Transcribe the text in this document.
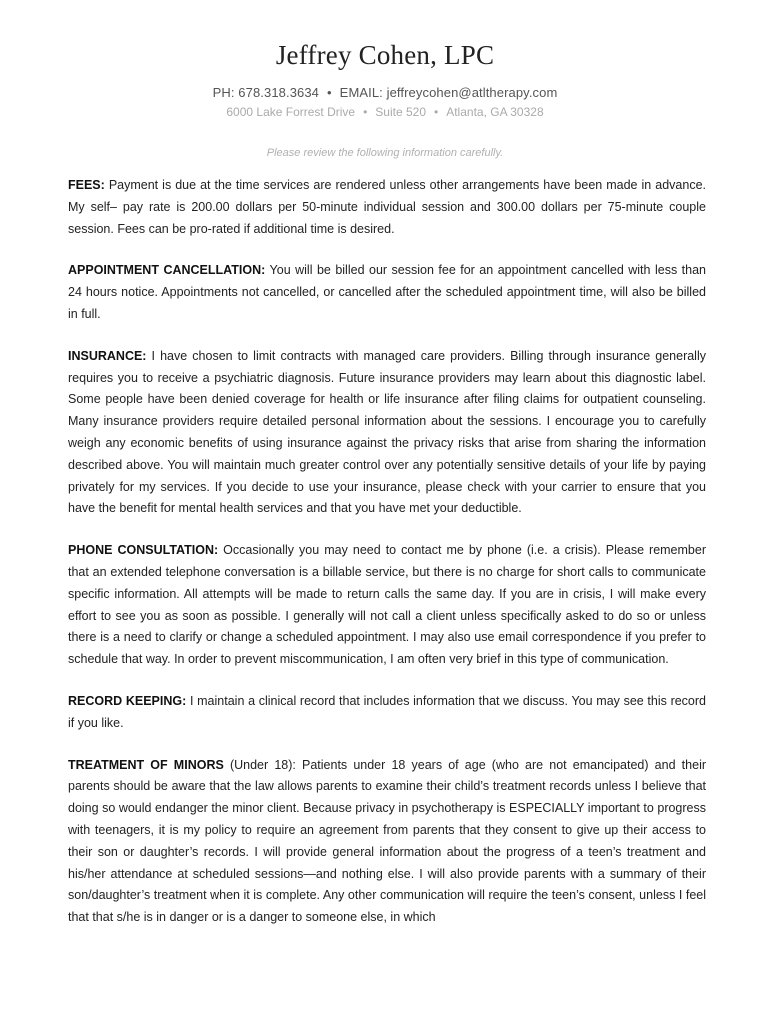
Jeffrey Cohen, LPC
PH: 678.318.3634 • EMAIL: jeffreycohen@atltherapy.com
6000 Lake Forrest Drive • Suite 520 • Atlanta, GA 30328
Please review the following information carefully.

FEES: Payment is due at the time services are rendered unless other arrangements have been made in advance. My self– pay rate is 200.00 dollars per 50-minute individual session and 300.00 dollars per 75-minute couple session. Fees can be pro-rated if additional time is desired.

APPOINTMENT CANCELLATION: You will be billed our session fee for an appointment cancelled with less than 24 hours notice. Appointments not cancelled, or cancelled after the scheduled appointment time, will also be billed in full.

INSURANCE: I have chosen to limit contracts with managed care providers. Billing through insurance generally requires you to receive a psychiatric diagnosis. Future insurance providers may learn about this diagnostic label. Some people have been denied coverage for health or life insurance after filing claims for outpatient counseling. Many insurance providers require detailed personal information about the sessions. I encourage you to carefully weigh any economic benefits of using insurance against the privacy risks that arise from sharing the information described above. You will maintain much greater control over any potentially sensitive details of your life by paying privately for my services. If you decide to use your insurance, please check with your carrier to ensure that you have the benefit for mental health services and that you have met your deductible.

PHONE CONSULTATION: Occasionally you may need to contact me by phone (i.e. a crisis). Please remember that an extended telephone conversation is a billable service, but there is no charge for short calls to communicate specific information. All attempts will be made to return calls the same day. If you are in crisis, I will make every effort to see you as soon as possible. I generally will not call a client unless specifically asked to do so or unless there is a need to clarify or change a scheduled appointment. I may also use email correspondence if you prefer to schedule that way. In order to prevent miscommunication, I am often very brief in this type of communication.

RECORD KEEPING: I maintain a clinical record that includes information that we discuss. You may see this record if you like.

TREATMENT OF MINORS (Under 18): Patients under 18 years of age (who are not emancipated) and their parents should be aware that the law allows parents to examine their child’s treatment records unless I believe that doing so would endanger the minor client. Because privacy in psychotherapy is ESPECIALLY important to progress with teenagers, it is my policy to require an agreement from parents that they consent to give up their access to their son or daughter’s records. I will provide general information about the progress of a teen’s treatment and his/her attendance at scheduled sessions—and nothing else. I will also provide parents with a summary of their son/daughter’s treatment when it is complete. Any other communication will require the teen’s consent, unless I feel that that s/he is in danger or is a danger to someone else, in which
